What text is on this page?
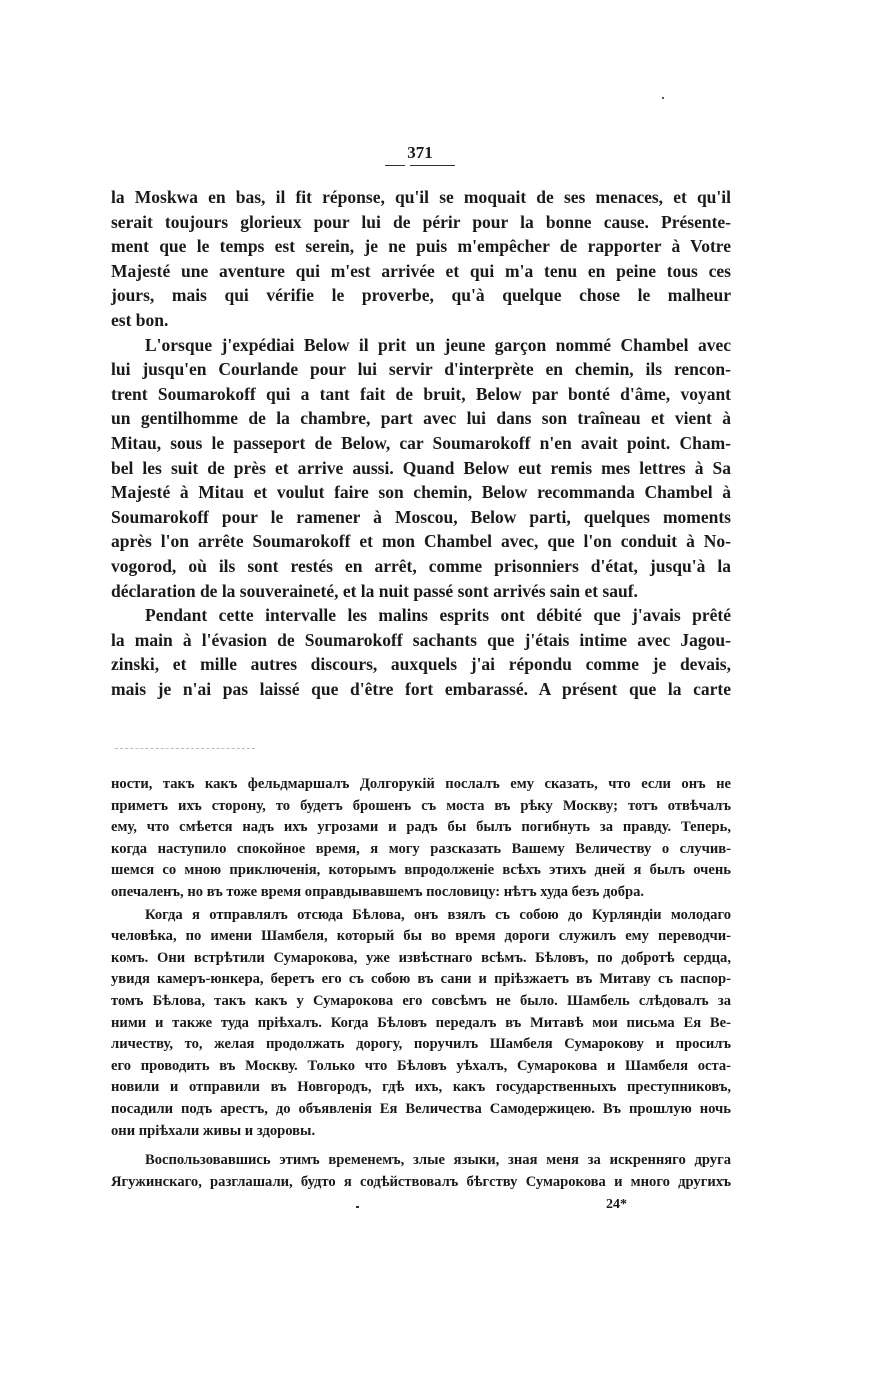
371
la Moskwa en bas, il fit réponse, qu'il se moquait de ses menaces, et qu'il
serait toujours glorieux pour lui de périr pour la bonne cause. Présente-
ment que le temps est serein, je ne puis m'empêcher de rapporter à Votre
Majesté une aventure qui m'est arrivée et qui m'a tenu en peine tous ces
jours, mais qui vérifie le proverbe, qu'à quelque chose le malheur
est bon.
L'orsque j'expédiai Below il prit un jeune garçon nommé Chambel avec
lui jusqu'en Courlande pour lui servir d'interprète en chemin, ils rencon-
trent Soumarokoff qui a tant fait de bruit, Below par bonté d'âme, voyant
un gentilhomme de la chambre, part avec lui dans son traîneau et vient à
Mitau, sous le passeport de Below, car Soumarokoff n'en avait point. Cham-
bel les suit de près et arrive aussi. Quand Below eut remis mes lettres à Sa
Majesté à Mitau et voulut faire son chemin, Below recommanda Chambel à
Soumarokoff pour le ramener à Moscou, Below parti, quelques moments
après l'on arrête Soumarokoff et mon Chambel avec, que l'on conduit à No-
vogorod, où ils sont restés en arrêt, comme prisonniers d'état, jusqu'à la
déclaration de la souveraineté, et la nuit passé sont arrivés sain et sauf.
Pendant cette intervalle les malins esprits ont débité que j'avais prêté
la main à l'évasion de Soumarokoff sachants que j'étais intime avec Jagou-
zinski, et mille autres discours, auxquels j'ai répondu comme je devais,
mais je n'ai pas laissé que d'être fort embarassé. A présent que la carte
ности, такъ какъ фельдмаршалъ Долгорукій послалъ ему сказать, что если онъ не
приметъ ихъ сторону, то будетъ брошенъ съ моста въ рѣку Москву; тотъ отвѣчалъ
ему, что смѣется надъ ихъ угрозами и радъ бы былъ погибнуть за правду. Теперь,
когда наступило спокойное время, я могу разсказать Вашему Величеству о случив-
шемся со мною приключенія, которымъ впродолженіе всѣхъ этихъ дней я былъ очень
опечаленъ, но въ тоже время оправдывавшемъ пословицу: нѣтъ худа безъ добра.
Когда я отправлялъ отсюда Бѣлова, онъ взялъ съ собою до Курляндіи молодаго
человѣка, по имени Шамбеля, который бы во время дороги служилъ ему переводчи-
комъ. Они встрѣтили Сумарокова, уже извѣстнаго всѣмъ. Бѣловъ, по добротѣ сердца,
увидя камеръ-юнкера, беретъ его съ собою въ сани и пріѣзжаетъ въ Митаву съ паспор-
томъ Бѣлова, такъ какъ у Сумарокова его совсѣмъ не было. Шамбель слѣдовалъ за
ними и также туда пріѣхалъ. Когда Бѣловъ передалъ въ Митавѣ мои письма Ея Ве-
личеству, то, желая продолжать дорогу, поручилъ Шамбеля Сумарокову и просилъ
его проводить въ Москву. Только что Бѣловъ уѣхалъ, Сумарокова и Шамбеля оста-
новили и отправили въ Новгородъ, гдѣ ихъ, какъ государственныхъ преступниковъ,
посадили подъ арестъ, до объявленія Ея Величества Самодержицею. Въ прошлую ночь
они пріѣхали живы и здоровы.
Воспользовавшись этимъ временемъ, злые языки, зная меня за искренняго друга
Ягужинскаго, разглашали, будто я содѣйствовалъ бѣгству Сумарокова и много другихъ
24*
